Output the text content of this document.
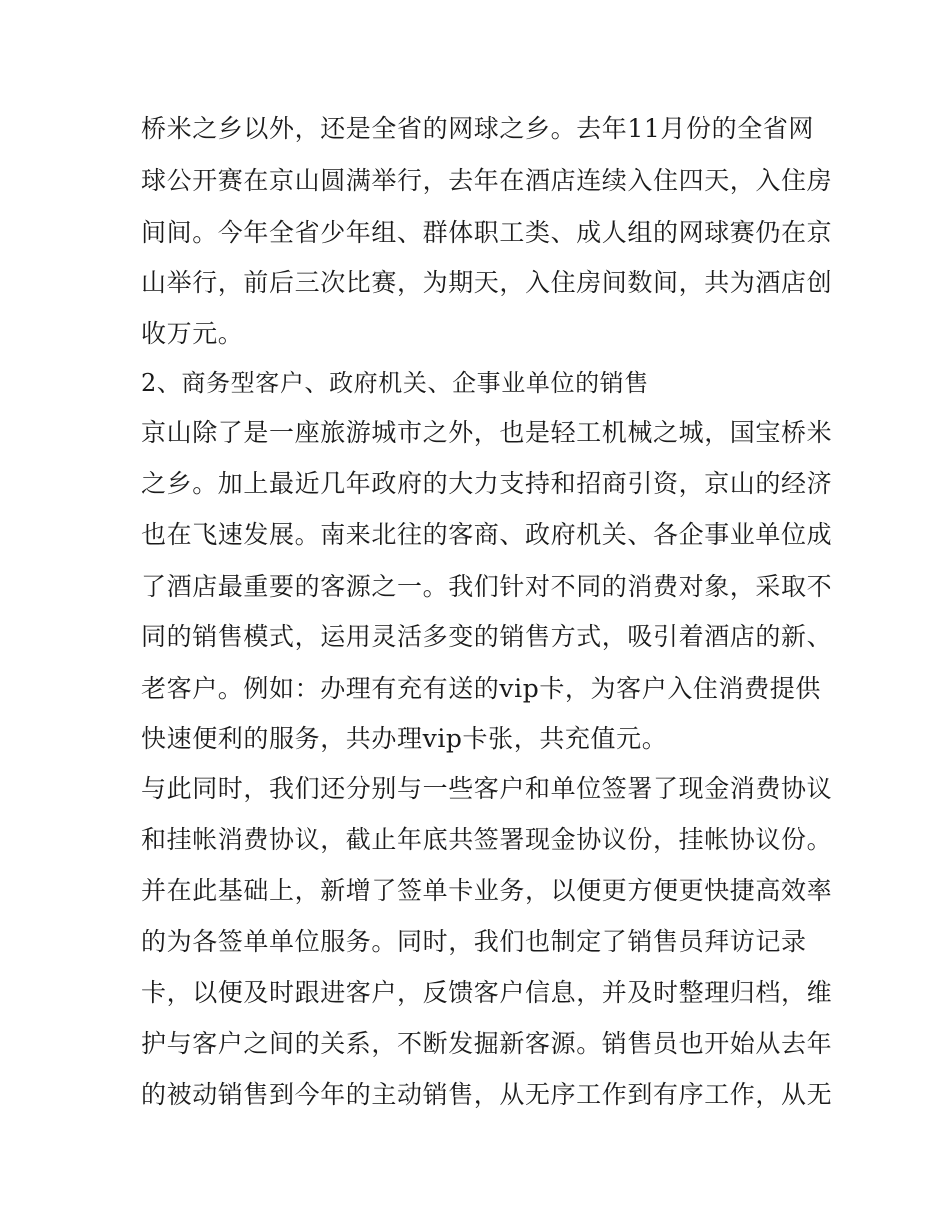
桥米之乡以外，还是全省的网球之乡。去年11月份的全省网
球公开赛在京山圆满举行，去年在酒店连续入住四天，入住房
间间。今年全省少年组、群体职工类、成人组的网球赛仍在京
山举行，前后三次比赛，为期天，入住房间数间，共为酒店创
收万元。
2、商务型客户、政府机关、企事业单位的销售
京山除了是一座旅游城市之外，也是轻工机械之城，国宝桥米
之乡。加上最近几年政府的大力支持和招商引资，京山的经济
也在飞速发展。南来北往的客商、政府机关、各企事业单位成
了酒店最重要的客源之一。我们针对不同的消费对象，采取不
同的销售模式，运用灵活多变的销售方式，吸引着酒店的新、
老客户。例如：办理有充有送的vip卡，为客户入住消费提供
快速便利的服务，共办理vip卡张，共充值元。
与此同时，我们还分别与一些客户和单位签署了现金消费协议
和挂帐消费协议，截止年底共签署现金协议份，挂帐协议份。
并在此基础上，新增了签单卡业务，以便更方便更快捷高效率
的为各签单单位服务。同时，我们也制定了销售员拜访记录
卡，以便及时跟进客户，反馈客户信息，并及时整理归档，维
护与客户之间的关系，不断发掘新客源。销售员也开始从去年
的被动销售到今年的主动销售，从无序工作到有序工作，从无
